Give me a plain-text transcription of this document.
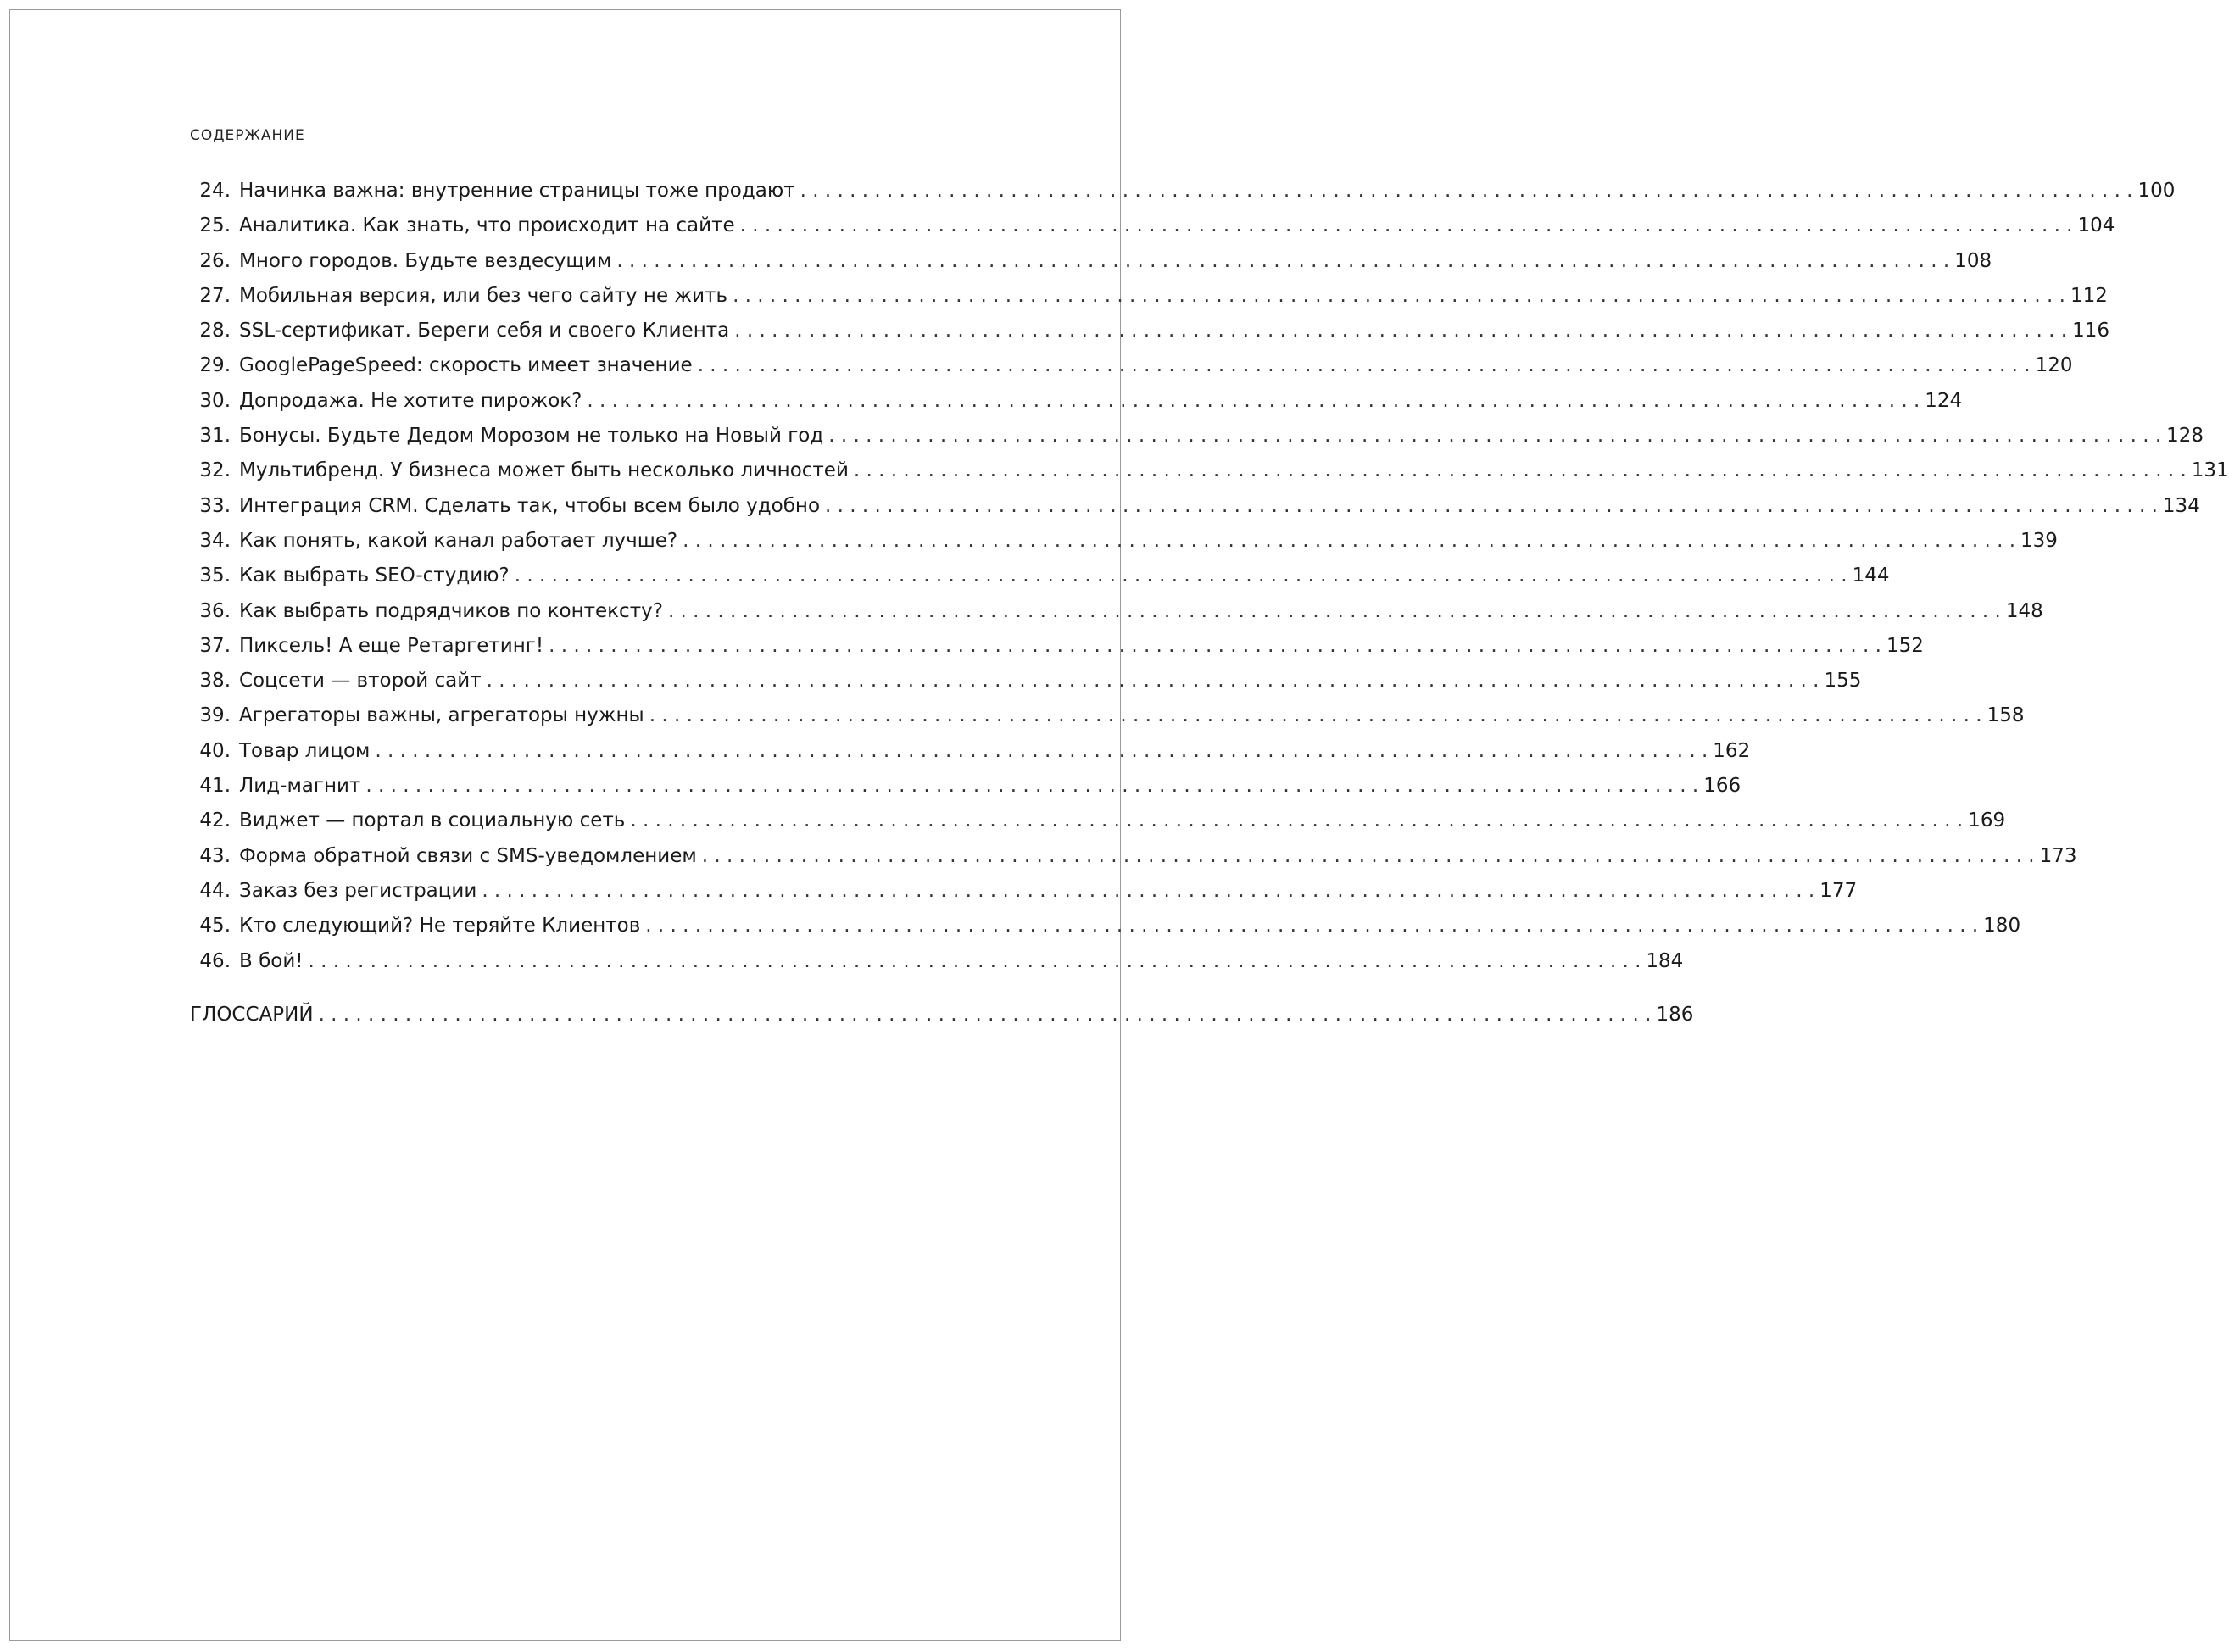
СОДЕРЖАНИЕ
24. Начинка важна: внутренние страницы тоже продают . . .	100
25. Аналитика. Как знать, что происходит на сайте . . .	104
26. Много городов. Будьте вездесущим . . .	108
27. Мобильная версия, или без чего сайту не жить . . .	112
28. SSL-сертификат. Береги себя и своего Клиента . . .	116
29. GooglePageSpeed: скорость имеет значение . . .	120
30. Допродажа. Не хотите пирожок? . . .	124
31. Бонусы. Будьте Дедом Морозом не только на Новый год . . .	128
32. Мультибренд. У бизнеса может быть несколько личностей . . .	131
33. Интеграция CRM. Сделать так, чтобы всем было удобно . . .	134
34. Как понять, какой канал работает лучше? . . .	139
35. Как выбрать SEO-студию? . . .	144
36. Как выбрать подрядчиков по контексту? . . .	148
37. Пиксель! А еще Ретаргетинг! . . .	152
38. Соцсети — второй сайт . . .	155
39. Агрегаторы важны, агрегаторы нужны . . .	158
40. Товар лицом . . .	162
41. Лид-магнит . . .	166
42. Виджет — портал в социальную сеть . . .	169
43. Форма обратной связи с SMS-уведомлением . . .	173
44. Заказ без регистрации . . .	177
45. Кто следующий? Не теряйте Клиентов . . .	180
46. В бой! . . .	184
ГЛОССАРИЙ . . .	186
